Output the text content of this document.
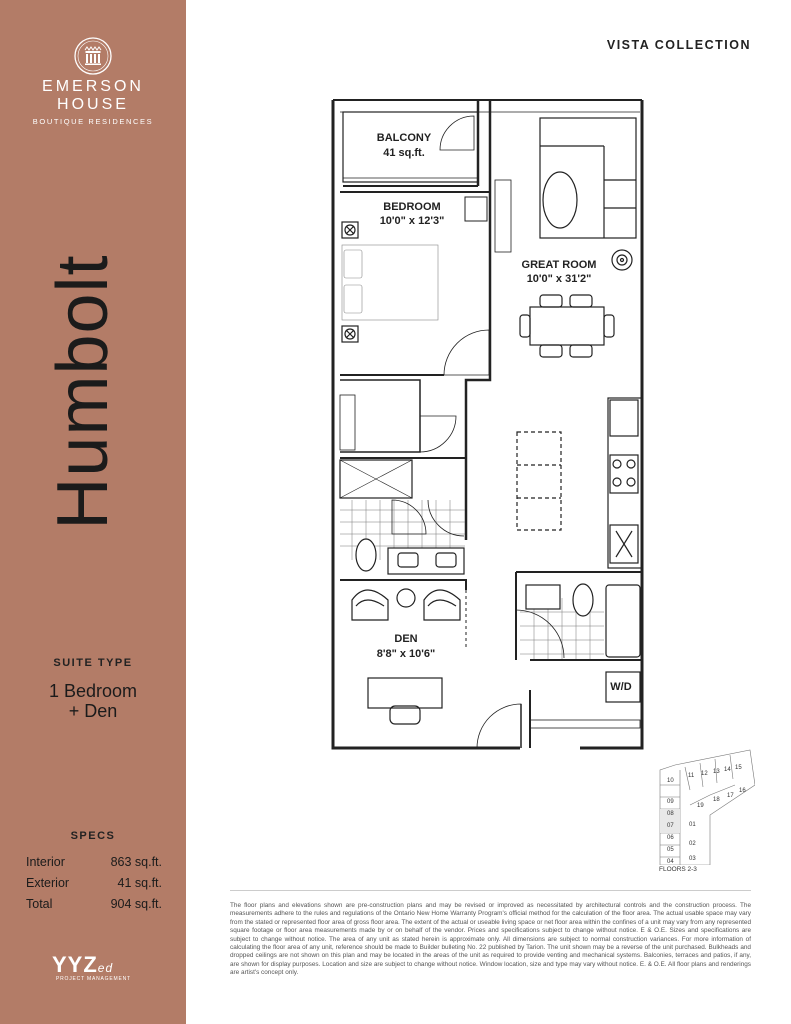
EMERSON
HOUSE
BOUTIQUE RESIDENCES
Humbolt
SUITE TYPE
1 Bedroom
+ Den
SPECS
Interior	863 sq.ft.
Exterior	41 sq.ft.
Total	904 sq.ft.
YYZed
PROJECT MANAGEMENT
VISTA COLLECTION
BALCONY
41 sq.ft.
BEDROOM
10'0" x 12'3"
GREAT ROOM
10'0" x 31'2"
DEN
8'8" x 10'6"
W/D
10
11 12 13 14 15
16
17
18
19
09
08
07
06
05
04
01
02
03
FLOORS 2-3
The floor plans and elevations shown are pre-construction plans and may be revised or improved as necessitated by architectural controls and the construction process. The measurements adhere to the rules and regulations of the Ontario New Home Warranty Program's official method for the calculation of the floor area. The actual usable space may vary from the stated or represented floor area of gross floor area. The extent of the actual or useable living space or net floor area within the confines of a unit may vary from any represented square footage or floor area measurements made by or on behalf of the vendor. Prices and specifications subject to change without notice. E & O.E. Sizes and specifications are subject to change without notice. The area of any unit as stated herein is approximate only. All dimensions are subject to normal construction variances. For more information of calculating the floor area of any unit, reference should be made to Builder bulleting No. 22 published by Tarion. The unit shown may be a reverse of the unit purchased. Bulkheads and dropped ceilings are not shown on this plan and may be located in the areas of the unit as required to provide venting and mechanical systems. Balconies, terraces and patios, if any, are shown for display purposes. Location and size are subject to change without notice. Window location, size and type may vary without notice. E. & O.E. All floor plans and renderings are artist's concept only.
